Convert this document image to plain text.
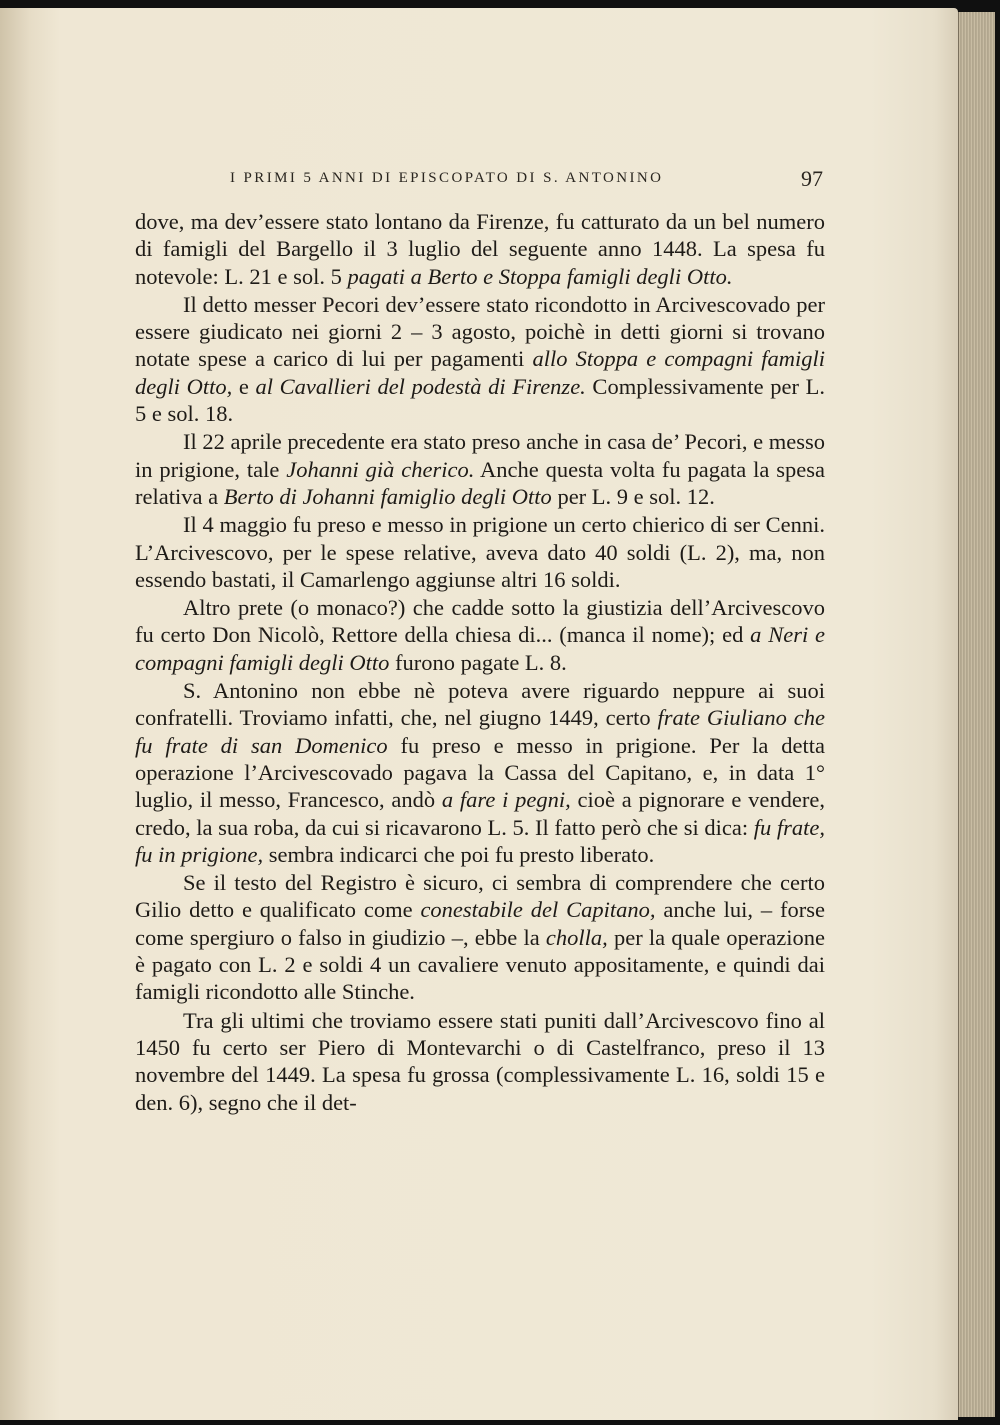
I PRIMI 5 ANNI DI EPISCOPATO DI S. ANTONINO	97

dove, ma dev’essere stato lontano da Firenze, fu catturato da un bel numero di famigli del Bargello il 3 luglio del seguente anno 1448. La spesa fu notevole: L. 21 e sol. 5 pagati a Berto e Stoppa famigli degli Otto.

Il detto messer Pecori dev’essere stato ricondotto in Arcivescovado per essere giudicato nei giorni 2 – 3 agosto, poichè in detti giorni si trovano notate spese a carico di lui per pagamenti allo Stoppa e compagni famigli degli Otto, e al Cavallieri del podestà di Firenze. Complessivamente per L. 5 e sol. 18.

Il 22 aprile precedente era stato preso anche in casa de’ Pecori, e messo in prigione, tale Johanni già cherico. Anche questa volta fu pagata la spesa relativa a Berto di Johanni famiglio degli Otto per L. 9 e sol. 12.

Il 4 maggio fu preso e messo in prigione un certo chierico di ser Cenni. L’Arcivescovo, per le spese relative, aveva dato 40 soldi (L. 2), ma, non essendo bastati, il Camarlengo aggiunse altri 16 soldi.

Altro prete (o monaco?) che cadde sotto la giustizia dell’Arcivescovo fu certo Don Nicolò, Rettore della chiesa di... (manca il nome); ed a Neri e compagni famigli degli Otto furono pagate L. 8.

S. Antonino non ebbe nè poteva avere riguardo neppure ai suoi confratelli. Troviamo infatti, che, nel giugno 1449, certo frate Giuliano che fu frate di san Domenico fu preso e messo in prigione. Per la detta operazione l’Arcivescovado pagava la Cassa del Capitano, e, in data 1° luglio, il messo, Francesco, andò a fare i pegni, cioè a pignorare e vendere, credo, la sua roba, da cui si ricavarono L. 5. Il fatto però che si dica: fu frate, fu in prigione, sembra indicarci che poi fu presto liberato.

Se il testo del Registro è sicuro, ci sembra di comprendere che certo Gilio detto e qualificato come conestabile del Capitano, anche lui, – forse come spergiuro o falso in giudizio –, ebbe la cholla, per la quale operazione è pagato con L. 2 e soldi 4 un cavaliere venuto appositamente, e quindi dai famigli ricondotto alle Stinche.

Tra gli ultimi che troviamo essere stati puniti dall’Arcivescovo fino al 1450 fu certo ser Piero di Montevarchi o di Castelfranco, preso il 13 novembre del 1449. La spesa fu grossa (complessivamente L. 16, soldi 15 e den. 6), segno che il det-
